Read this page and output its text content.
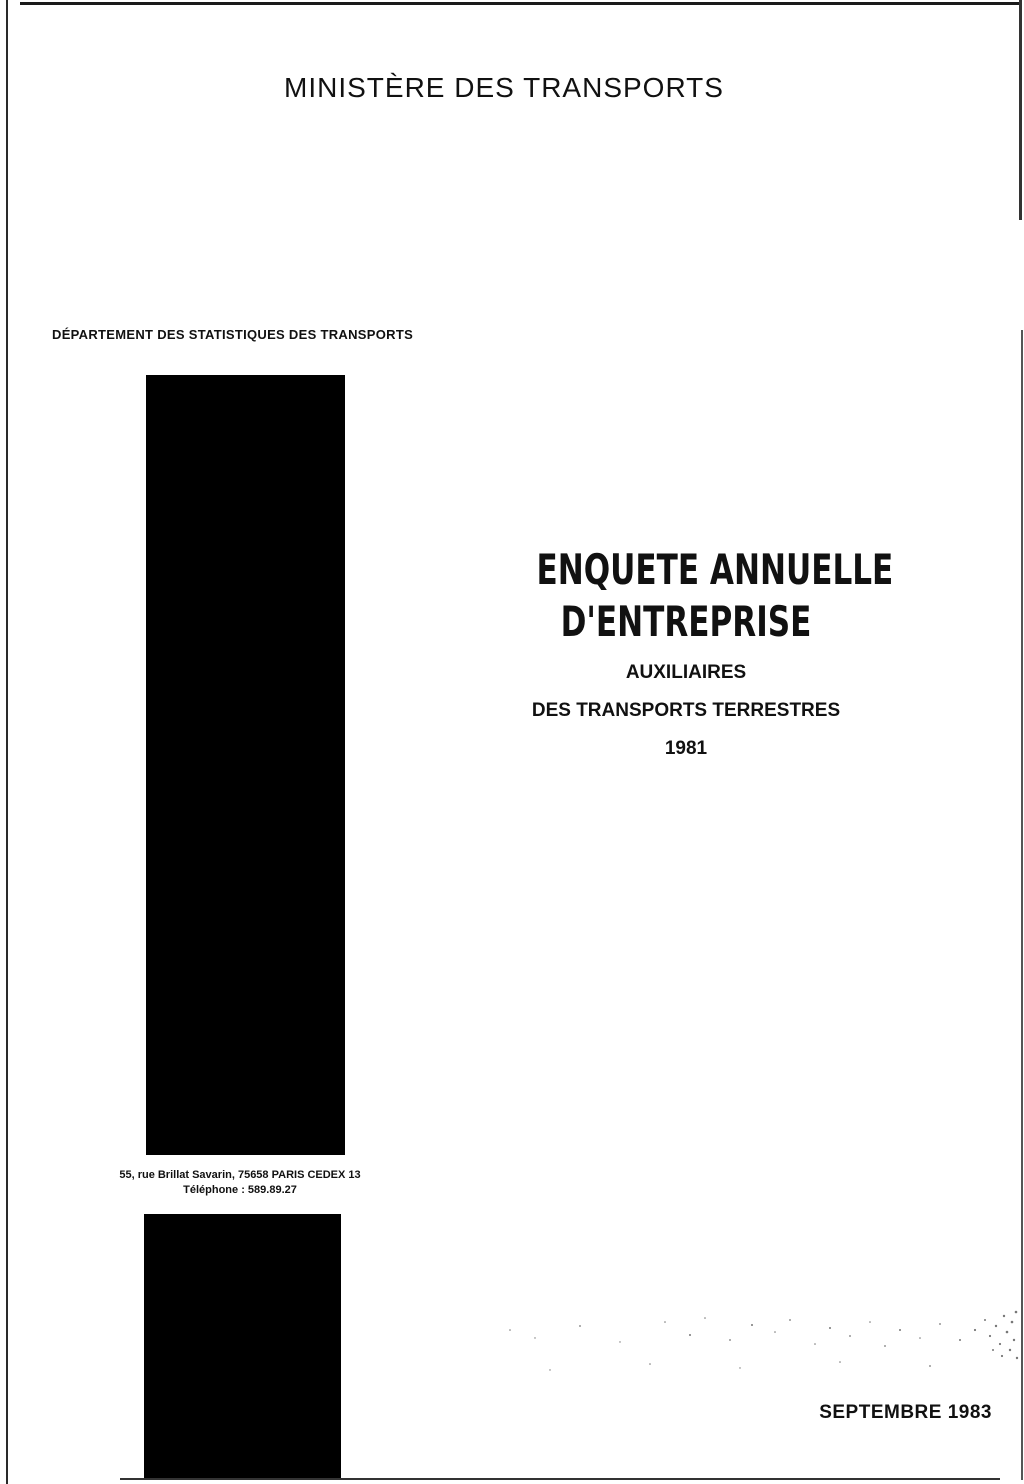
MINISTÈRE DES TRANSPORTS
DÉPARTEMENT DES STATISTIQUES DES TRANSPORTS
55, rue Brillat Savarin, 75658 PARIS CEDEX 13
Téléphone : 589.89.27
ENQUETE ANNUELLE
D'ENTREPRISE
AUXILIAIRES
DES TRANSPORTS TERRESTRES
1981
SEPTEMBRE 1983
